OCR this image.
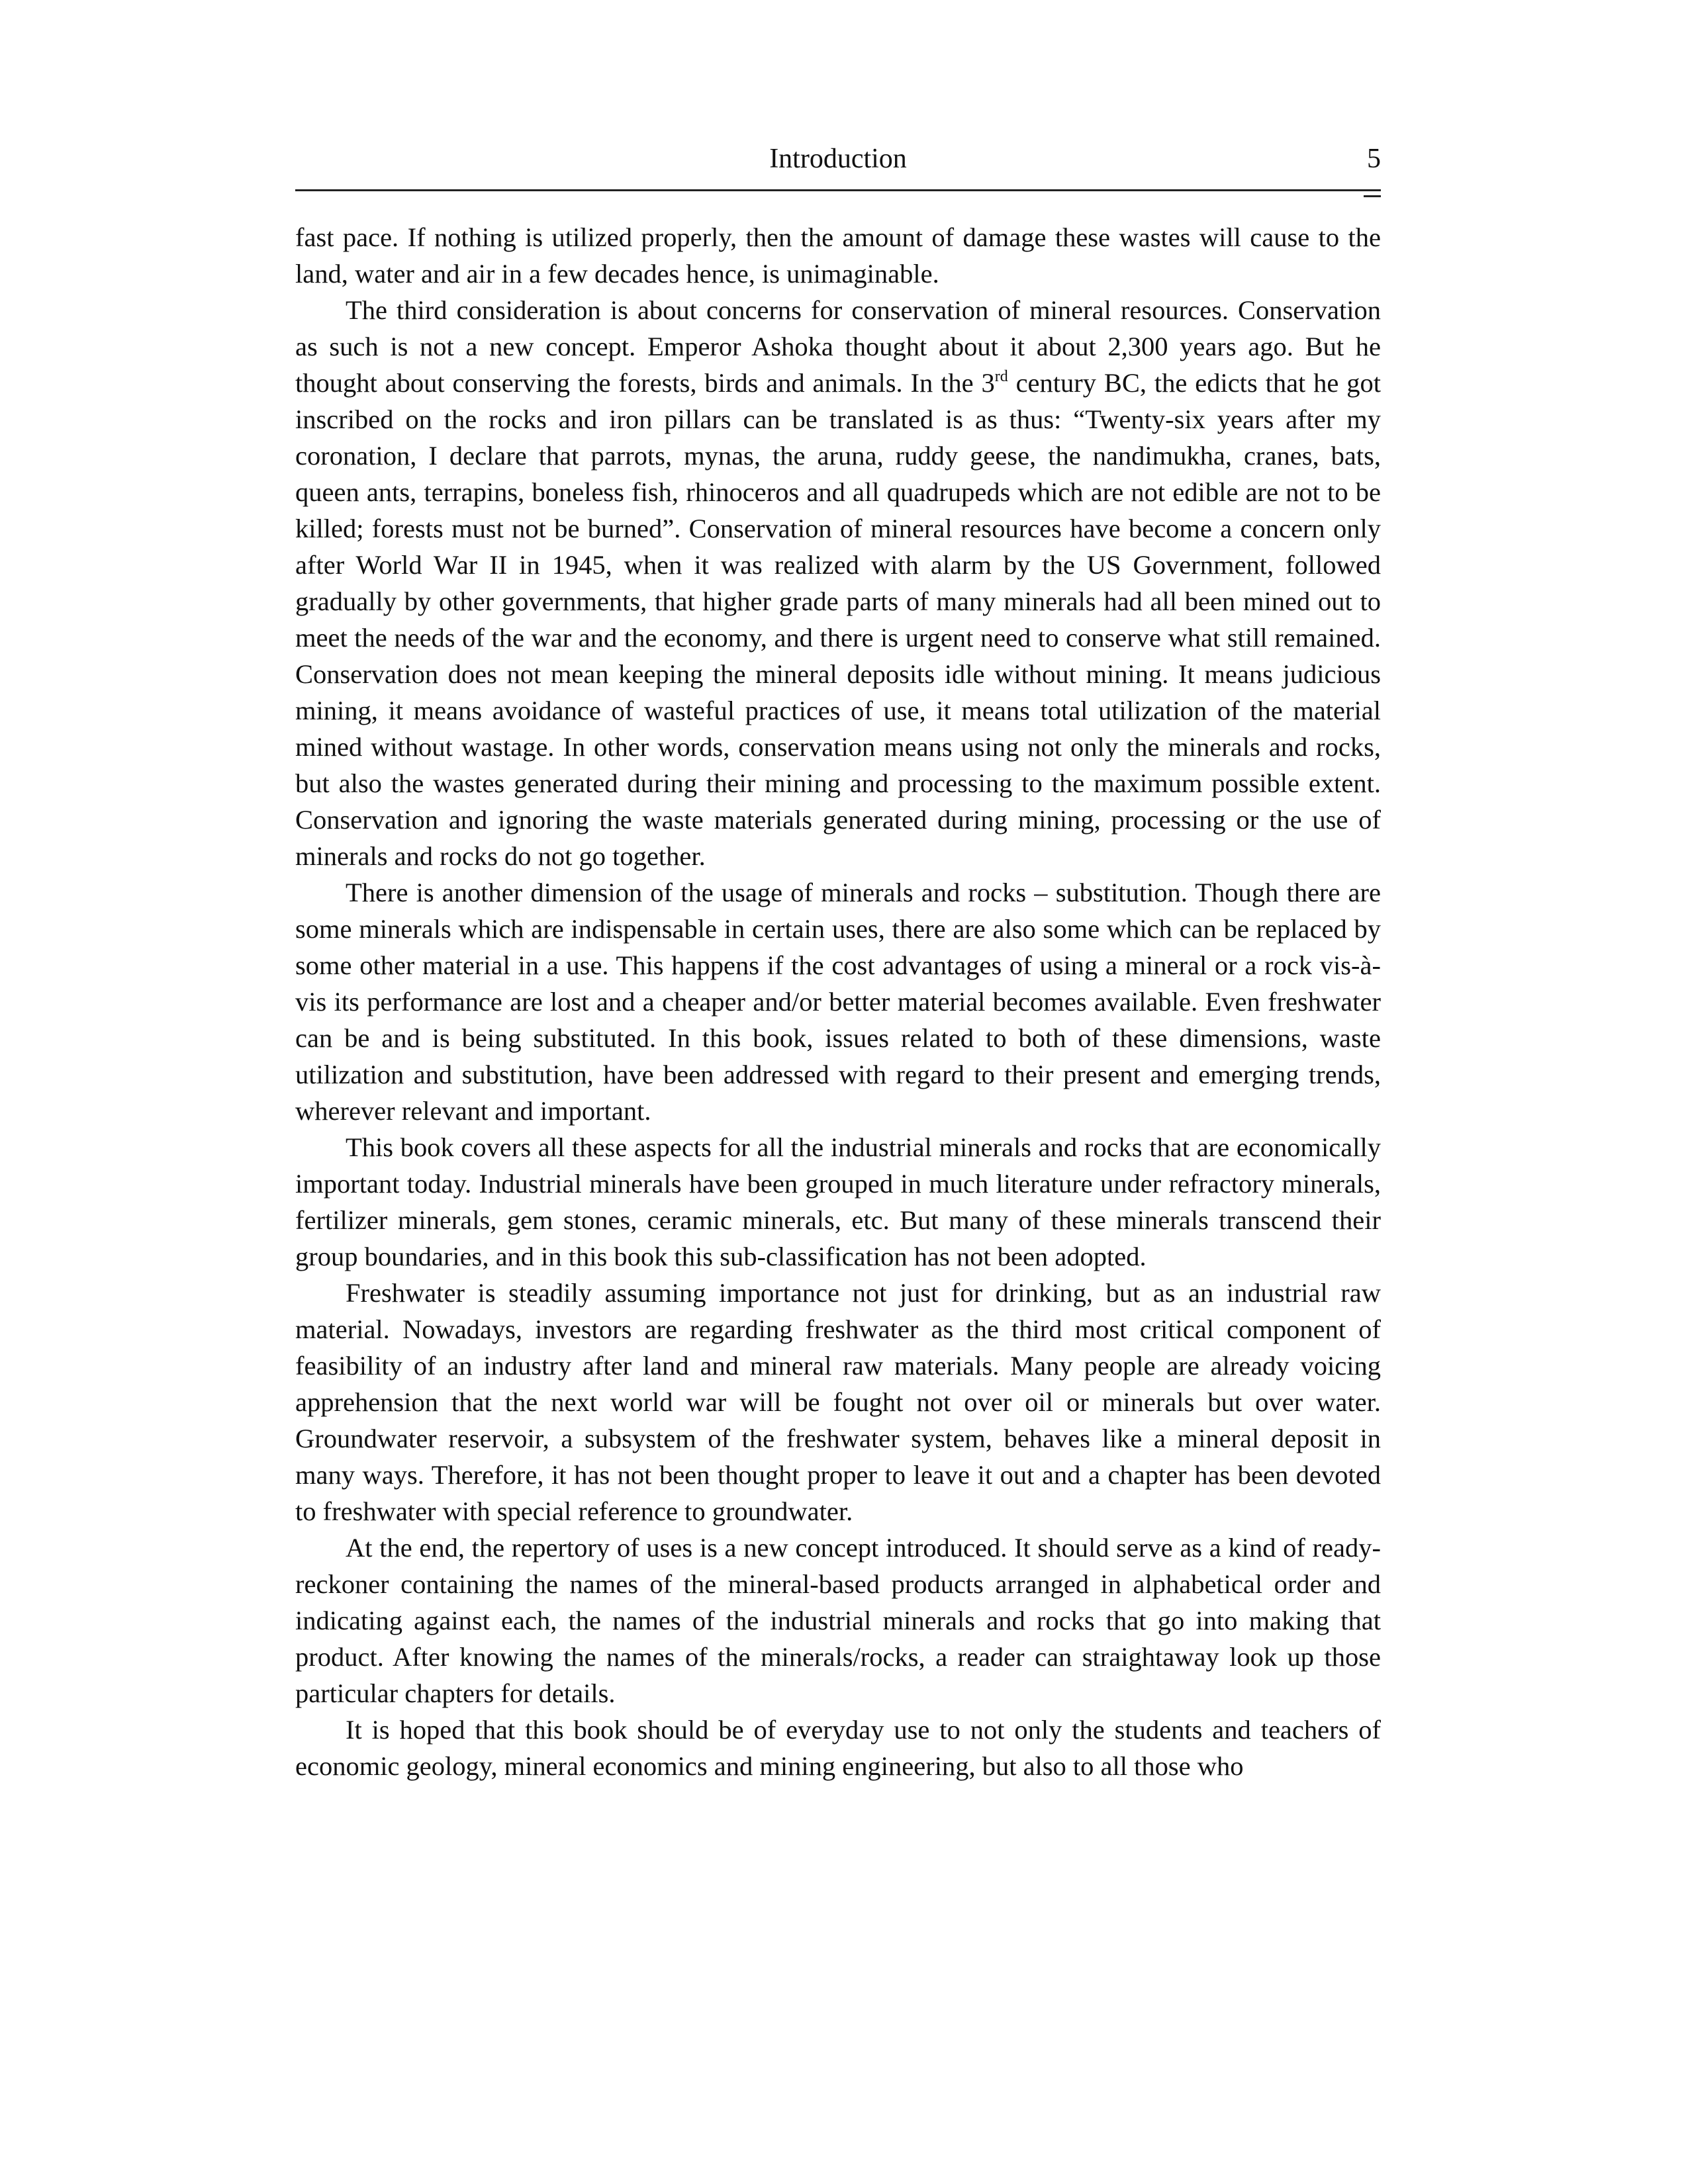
Introduction	5

fast pace. If nothing is utilized properly, then the amount of damage these wastes will cause to the land, water and air in a few decades hence, is unimaginable.

The third consideration is about concerns for conservation of mineral resources. Conservation as such is not a new concept. Emperor Ashoka thought about it about 2,300 years ago. But he thought about conserving the forests, birds and animals. In the 3rd century BC, the edicts that he got inscribed on the rocks and iron pillars can be translated is as thus: “Twenty-six years after my coronation, I declare that parrots, mynas, the aruna, ruddy geese, the nandimukha, cranes, bats, queen ants, terrapins, boneless fish, rhinoceros and all quadrupeds which are not edible are not to be killed; forests must not be burned”. Conservation of mineral resources have become a concern only after World War II in 1945, when it was realized with alarm by the US Government, followed gradually by other governments, that higher grade parts of many minerals had all been mined out to meet the needs of the war and the economy, and there is urgent need to conserve what still remained. Conservation does not mean keeping the mineral deposits idle without mining. It means judicious mining, it means avoidance of wasteful practices of use, it means total utilization of the material mined without wastage. In other words, conservation means using not only the minerals and rocks, but also the wastes generated during their mining and processing to the maximum possible extent. Conservation and ignoring the waste materials generated during mining, processing or the use of minerals and rocks do not go together.

There is another dimension of the usage of minerals and rocks – substitution. Though there are some minerals which are indispensable in certain uses, there are also some which can be replaced by some other material in a use. This happens if the cost advantages of using a mineral or a rock vis-à-vis its performance are lost and a cheaper and/or better material becomes available. Even freshwater can be and is being substituted. In this book, issues related to both of these dimensions, waste utilization and substitution, have been addressed with regard to their present and emerging trends, wherever relevant and important.

This book covers all these aspects for all the industrial minerals and rocks that are economically important today. Industrial minerals have been grouped in much literature under refractory minerals, fertilizer minerals, gem stones, ceramic minerals, etc. But many of these minerals transcend their group boundaries, and in this book this sub-classification has not been adopted.

Freshwater is steadily assuming importance not just for drinking, but as an industrial raw material. Nowadays, investors are regarding freshwater as the third most critical component of feasibility of an industry after land and mineral raw materials. Many people are already voicing apprehension that the next world war will be fought not over oil or minerals but over water. Groundwater reservoir, a subsystem of the freshwater system, behaves like a mineral deposit in many ways. Therefore, it has not been thought proper to leave it out and a chapter has been devoted to freshwater with special reference to groundwater.

At the end, the repertory of uses is a new concept introduced. It should serve as a kind of ready-reckoner containing the names of the mineral-based products arranged in alphabetical order and indicating against each, the names of the industrial minerals and rocks that go into making that product. After knowing the names of the minerals/rocks, a reader can straightaway look up those particular chapters for details.

It is hoped that this book should be of everyday use to not only the students and teachers of economic geology, mineral economics and mining engineering, but also to all those who
